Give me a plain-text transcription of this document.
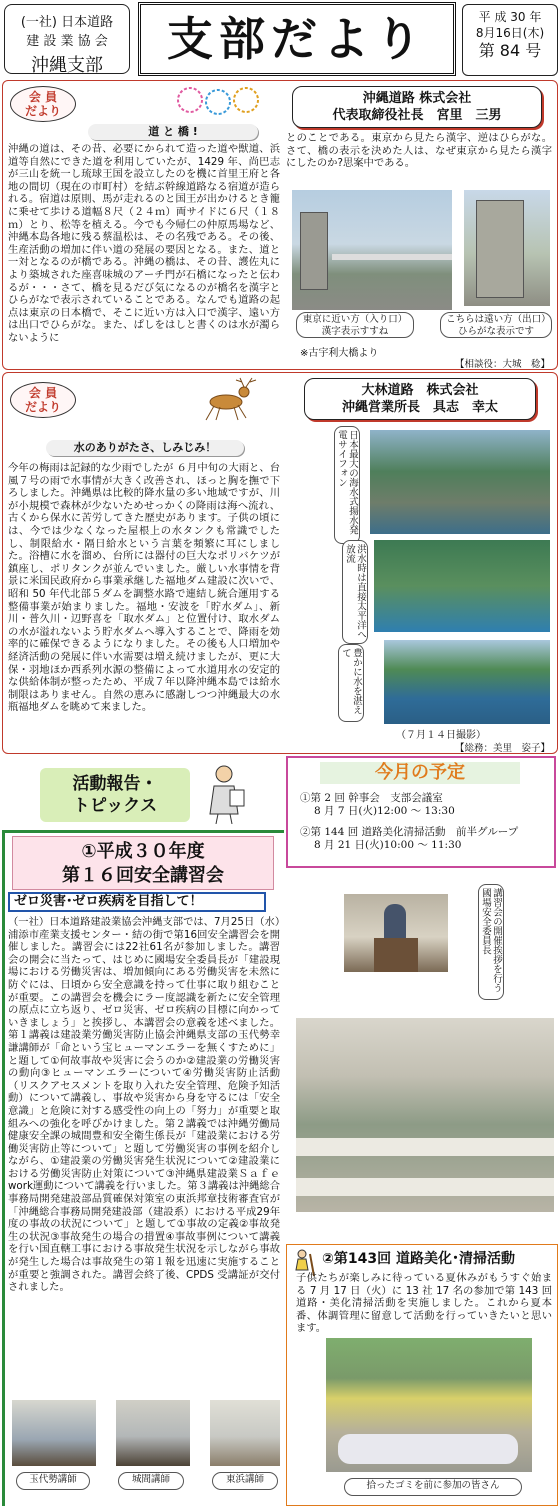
(一社) 日本道路
建 設 業 協 会
沖縄支部	支部だより	平 成 30 年
8月16日(木)
第 84 号
会 員
だより
道 と 橋 !
沖縄道路 株式会社
代表取締役社長　宮里　三男
沖縄の道は、その昔、必要にかられて造った道や獣道、浜道等自然にできた道を利用していたが、1429 年、尚巴志が三山を統一し琉球王国を設立したのを機に首里王府と各地の間切（現在の市町村）を結ぶ幹線道路なる宿道が造られる。宿道は原則、馬が走れるのと国王が出かけるとき籠に乗せて歩ける道幅８尺（２４ｍ）両サイドに６尺（１８ｍ）とり、松等を植える。今でも今帰仁の仲原馬場など、沖縄本島各地に残る蔡温松は、その名残である。その後、生産活動の増加に伴い道の発展の要因となる。また、道と一対となるのが橋である。沖縄の橋は、その昔、護佐丸により築城された座喜味城のアーチ門が石橋になったと伝わるが・・・さて、橋を見るだび気になるのが橋名を漢字とひらがなで表示されていることである。なんでも道路の起点は東京の日本橋で、そこに近い方は入口で漢字、遠い方は出口でひらがな。また、ぱしをはしと書くのは水が濁らないように
とのことである。東京から見たら漢字、逆はひらがな。さて、橋の表示を決めた人は、なぜ東京から見たら漢字にしたのか?思案中である。
東京に近い方（入り口）漢字表示すすね
こちらは遠い方（出口）ひらがな表示です
※古宇利大橋より
【相談役：大城　稔】
会 員
だより
水のありがたさ、しみじみ！
大林道路　株式会社
沖縄営業所長　具志　幸太
今年の梅雨は記録的な少雨でしたが ６月中旬の大雨と、台風７号の雨で水事情が大きく改善され、ほっと胸を撫で下ろしました。沖縄県は比較的降水量の多い地域ですが、川が小規模で森林が少ないためせっかくの降雨は海へ流れ、古くから保水に苦労してきた歴史があります。子供の頃には、今では少なくなった屋根上の水タンクも常識でしたし、制限給水・隔日給水という言葉を頻繁に耳にしました。浴槽に水を溜め、台所には器付の巨大なポリバケツが鎮座し、ポリタンクが並んでいました。厳しい水事情を背景に米国民政府から事業承継した福地ダム建設に次いで、昭和 50 年代北部５ダムを調整水路で連結し統合運用する整備事業が始まりました。福地・安波を「貯水ダム」、新川・普久川・辺野喜を「取水ダム」と位置付け、取水ダムの水が溢れないよう貯水ダムへ導入することで、降雨を効率的に確保できるようになりました。その後も人口増加や経済活動の発展に伴い水需要は増え続けましたが、更に大保・羽地ほか西系列水源の整備によって水道用水の安定的な供給体制が整ったため、平成７年以降沖縄本島では給水制限はありません。自然の恵みに感謝しつつ沖縄最大の水瓶福地ダムを眺めて来ました。
日本最大の海水式揚水発電サイフォン
洪水時は直接太平洋へ放流
豊かに水を湛えて
（７月１４日撮影）
【総務：美里　姿子】
活動報告・
トピックス
今月の予定
①第 2 回 幹事会　支部会議室
8 月 7 日(火)12:00 ～ 13:30
②第 144 回 道路美化清掃活動　前半グループ
8 月 21 日(火)10:00 ～ 11:30
①平成３０年度
第１６回安全講習会
ゼロ災害･ゼロ疾病を目指して！
（一社）日本道路建設業協会沖縄支部では、7月25日（水）浦添市産業支援センター・結の街で第16回安全講習会を開催しました。講習会には22社61名が参加しました。講習会の開会に当たって、はじめに國場安全委員長が「建設現場における労働災害は、増加傾向にある労働災害を未然に防ぐには、日頃から安全意識を持って仕事に取り組むことが重要。この講習会を機会にラー度認識を新たに安全管理の原点に立ち返り、ゼロ災害、ゼロ疾病の目標に向かっていきましょう」と挨拶し、本講習会の意義を述べました。第１講義は建設業労働災害防止協会沖縄県支部の玉代勢幸謙講師が「命という宝ヒューマンエラーを無くすために」と題して①何故事故や災害に会うのか②建設業の労働災害の動向③ヒューマンエラーについて④労働災害防止活動（リスクアセスメントを取り入れた安全管理、危険予知活動）について講義し、事故や災害から身を守るには「安全意識」と危険に対する感受性の向上の「努力」が重要と取組みへの強化を呼びかけました。第２講義では沖縄労働局健康安全課の城間豊和安全衛生係長が「建設業における労働災害防止等について」と題して労働災害の事例を紹介しながら、①建設業の労働災害発生状況について②建設業における労働災害防止対策について③沖縄県建設業Ｓａｆｅ work運動について講義を行いました。第３講義は沖縄総合事務局開発建設部品質確保対策室の東浜邦章技術審査官が「沖縄総合事務局開発建設部（建設系）における平成29年度の事故の状況について」と題して①事故の定義②事故発生の状況③事故発生の場合の措置④事故事例について講義を行い国直轄工事における事故発生状況を示しながら事故が発生した場合は事故発生の第１報を迅速に実施することが重要と強調された。講習会終了後、CPDS 受講証が交付されました。
講習会の開催挨拶を行う國場安全委員長
玉代勢講師	城間講師	東浜講師
②第143回 道路美化･清掃活動
子供たちが楽しみに待っている夏休みがもうすぐ始まる 7 月 17 日（火）に 13 社 17 名の参加で第 143 回道路・美化清掃活動を実施しました。これから夏本番、体調管理に留意して活動を行っていきたいと思います。
拾ったゴミを前に参加の皆さん
